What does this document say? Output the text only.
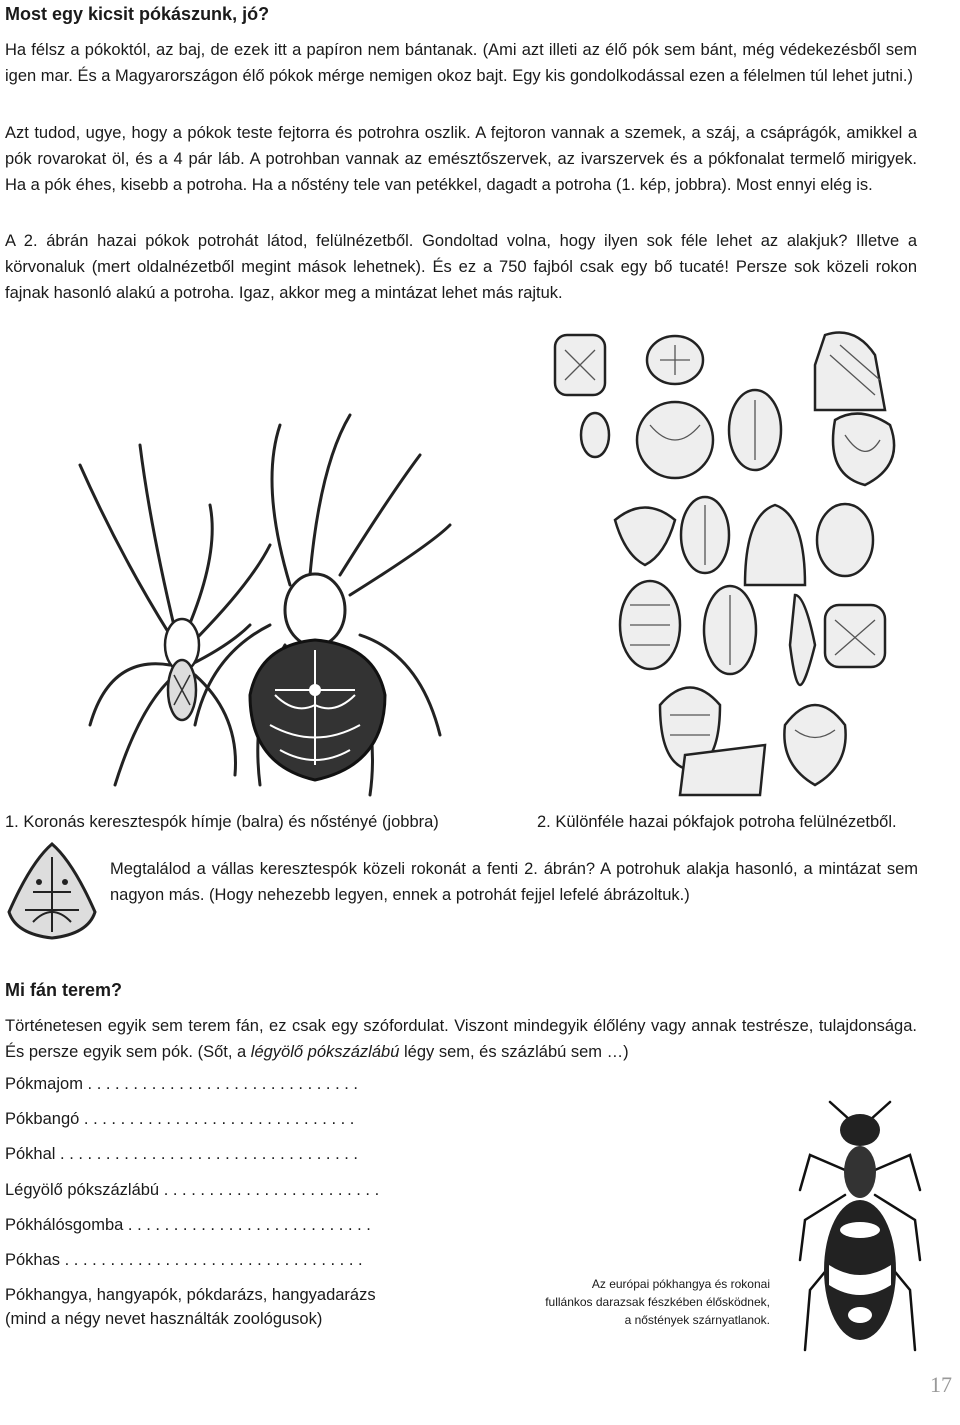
Most egy kicsit pókászunk, jó?
Ha félsz a pókoktól, az baj, de ezek itt a papíron nem bántanak. (Ami azt illeti az élő pók sem bánt, még védekezésből sem igen mar. És a Magyarországon élő pókok mérge nemigen okoz bajt. Egy kis gondolkodással ezen a félelmen túl lehet jutni.)
Azt tudod, ugye, hogy a pókok teste fejtorra és potrohra oszlik. A fejtoron vannak a szemek, a száj, a csáprágók, amikkel a pók rovarokat öl, és a 4 pár láb. A potrohban vannak az emésztőszervek, az ivarszervek és a pókfonalat termelő mirigyek. Ha a pók éhes, kisebb a potroha. Ha a nőstény tele van petékkel, dagadt a potroha (1. kép, jobbra). Most ennyi elég is.
A 2. ábrán hazai pókok potrohát látod, felülnézetből. Gondoltad volna, hogy ilyen sok féle lehet az alakjuk? Illetve a körvonaluk (mert oldalnézetből megint mások lehetnek). És ez a 750 fajból csak egy bő tucaté! Persze sok közeli rokon fajnak hasonló alakú a potroha. Igaz, akkor meg a mintázat lehet más rajtuk.
1. Koronás keresztespók hímje (balra) és nőstényé (jobbra)	2. Különféle hazai pókfajok potroha felülnézetből.
Megtalálod a vállas keresztespók közeli rokonát a fenti 2. ábrán? A potrohuk alakja hasonló, a mintázat sem nagyon más. (Hogy nehezebb legyen, ennek a potrohát fejjel lefelé ábrázoltuk.)
Mi fán terem?
Történetesen egyik sem terem fán, ez csak egy szófordulat. Viszont mindegyik élőlény vagy annak testrésze, tulajdonsága. És persze egyik sem pók. (Sőt, a légyölő pókszázlábú légy sem, és százlábú sem …)
Pókmajom . . . . . . . . . . . . . . . . . . . . . . . . . . . . . .
Pókbangó . . . . . . . . . . . . . . . . . . . . . . . . . . . . . .
Pókhal . . . . . . . . . . . . . . . . . . . . . . . . . . . . . . . . .
Légyölő pókszázlábú . . . . . . . . . . . . . . . . . . . . . . . .
Pókhálósgomba . . . . . . . . . . . . . . . . . . . . . . . . . . .
Pókhas . . . . . . . . . . . . . . . . . . . . . . . . . . . . . . . . .
Pókhangya, hangyapók, pókdarázs, hangyadarázs
(mind a négy nevet használták zoológusok)
Az európai pókhangya és rokonai
fullánkos darazsak fészkében élősködnek,
a nőstények szárnyatlanok.
17
